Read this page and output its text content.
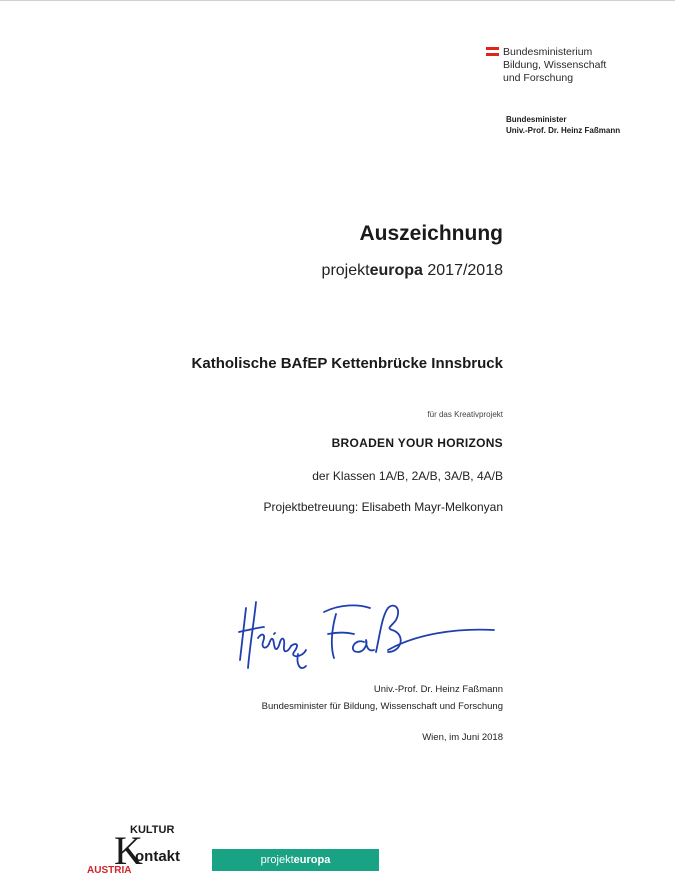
Bundesministerium
Bildung, Wissenschaft
und Forschung
Bundesminister
Univ.-Prof. Dr. Heinz Faßmann
Auszeichnung
projekteuropa 2017/2018
Katholische BAfEP Kettenbrücke Innsbruck
für das Kreativprojekt
BROADEN YOUR HORIZONS
der Klassen 1A/B, 2A/B, 3A/B, 4A/B
Projektbetreuung: Elisabeth Mayr-Melkonyan
Univ.-Prof. Dr. Heinz Faßmann
Bundesminister für Bildung, Wissenschaft und Forschung
Wien, im Juni 2018
KULTUR
K
ontakt
AUSTRIA
projekteuropa
